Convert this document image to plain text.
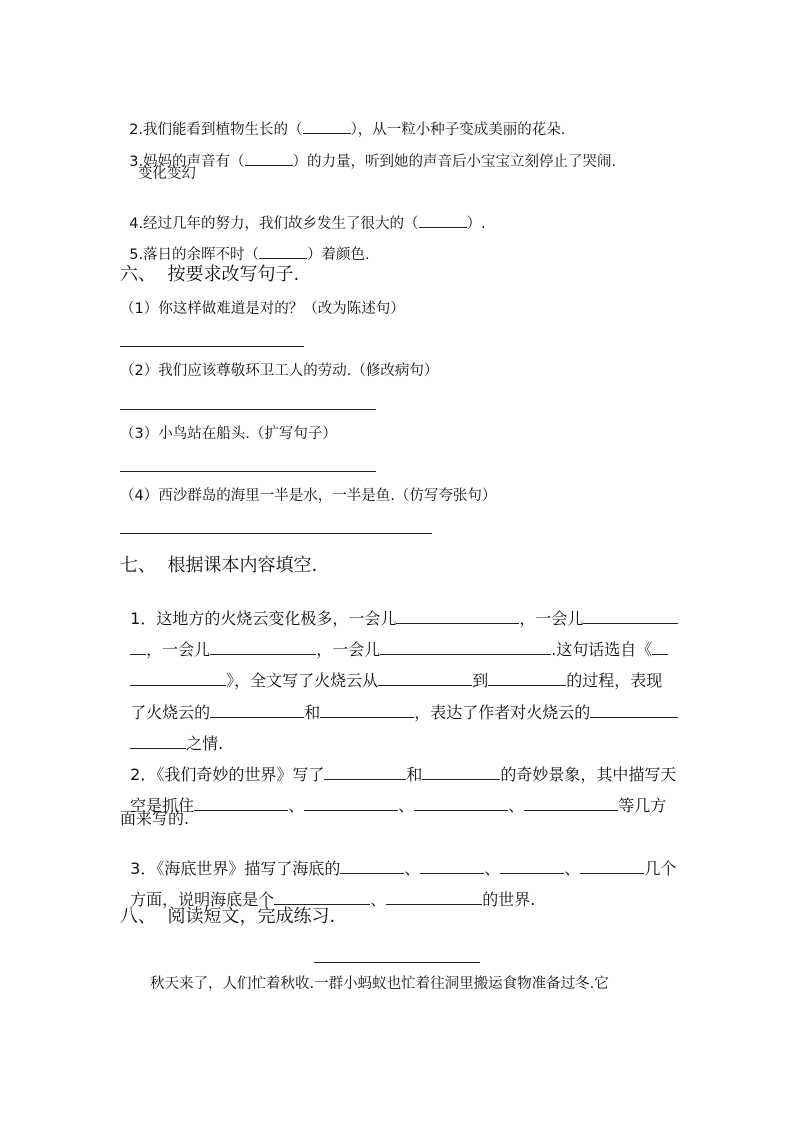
2.我们能看到植物生长的（	），从一粒小种子变成美丽的花朵.

3.妈妈的声音有（	）的力量，听到她的声音后小宝宝立刻停止了哭闹.

变化变幻

4.经过几年的努力，我们故乡发生了很大的（	）.

5.落日的余晖不时（	）着颜色.

六、  按要求改写句子.
（1）你这样做难道是对的？（改为陈述句）
（2）我们应该尊敬环卫工人的劳动.（修改病句）
（3）小鸟站在船头.（扩写句子）
（4）西沙群岛的海里一半是水，一半是鱼.（仿写夸张句）
七、  根据课本内容填空.

1．这地方的火烧云变化极多，一会儿	，一会儿

，一会儿	，一会儿	.这句话选自《

》，全文写了火烧云从	到	的过程，表现

了火烧云的	和	，表达了作者对火烧云的

之情.

2．《我们奇妙的世界》写了	和	的奇妙景象，其中描写天

空是抓住	、	、	、	等几方

面来写的.

3．《海底世界》描写了海底的	、	、	、	几个

方面，说明海底是个	、	的世界.

八、  阅读短文，完成练习.
秋天来了，人们忙着秋收.一群小蚂蚁也忙着往洞里搬运食物准备过冬.它
